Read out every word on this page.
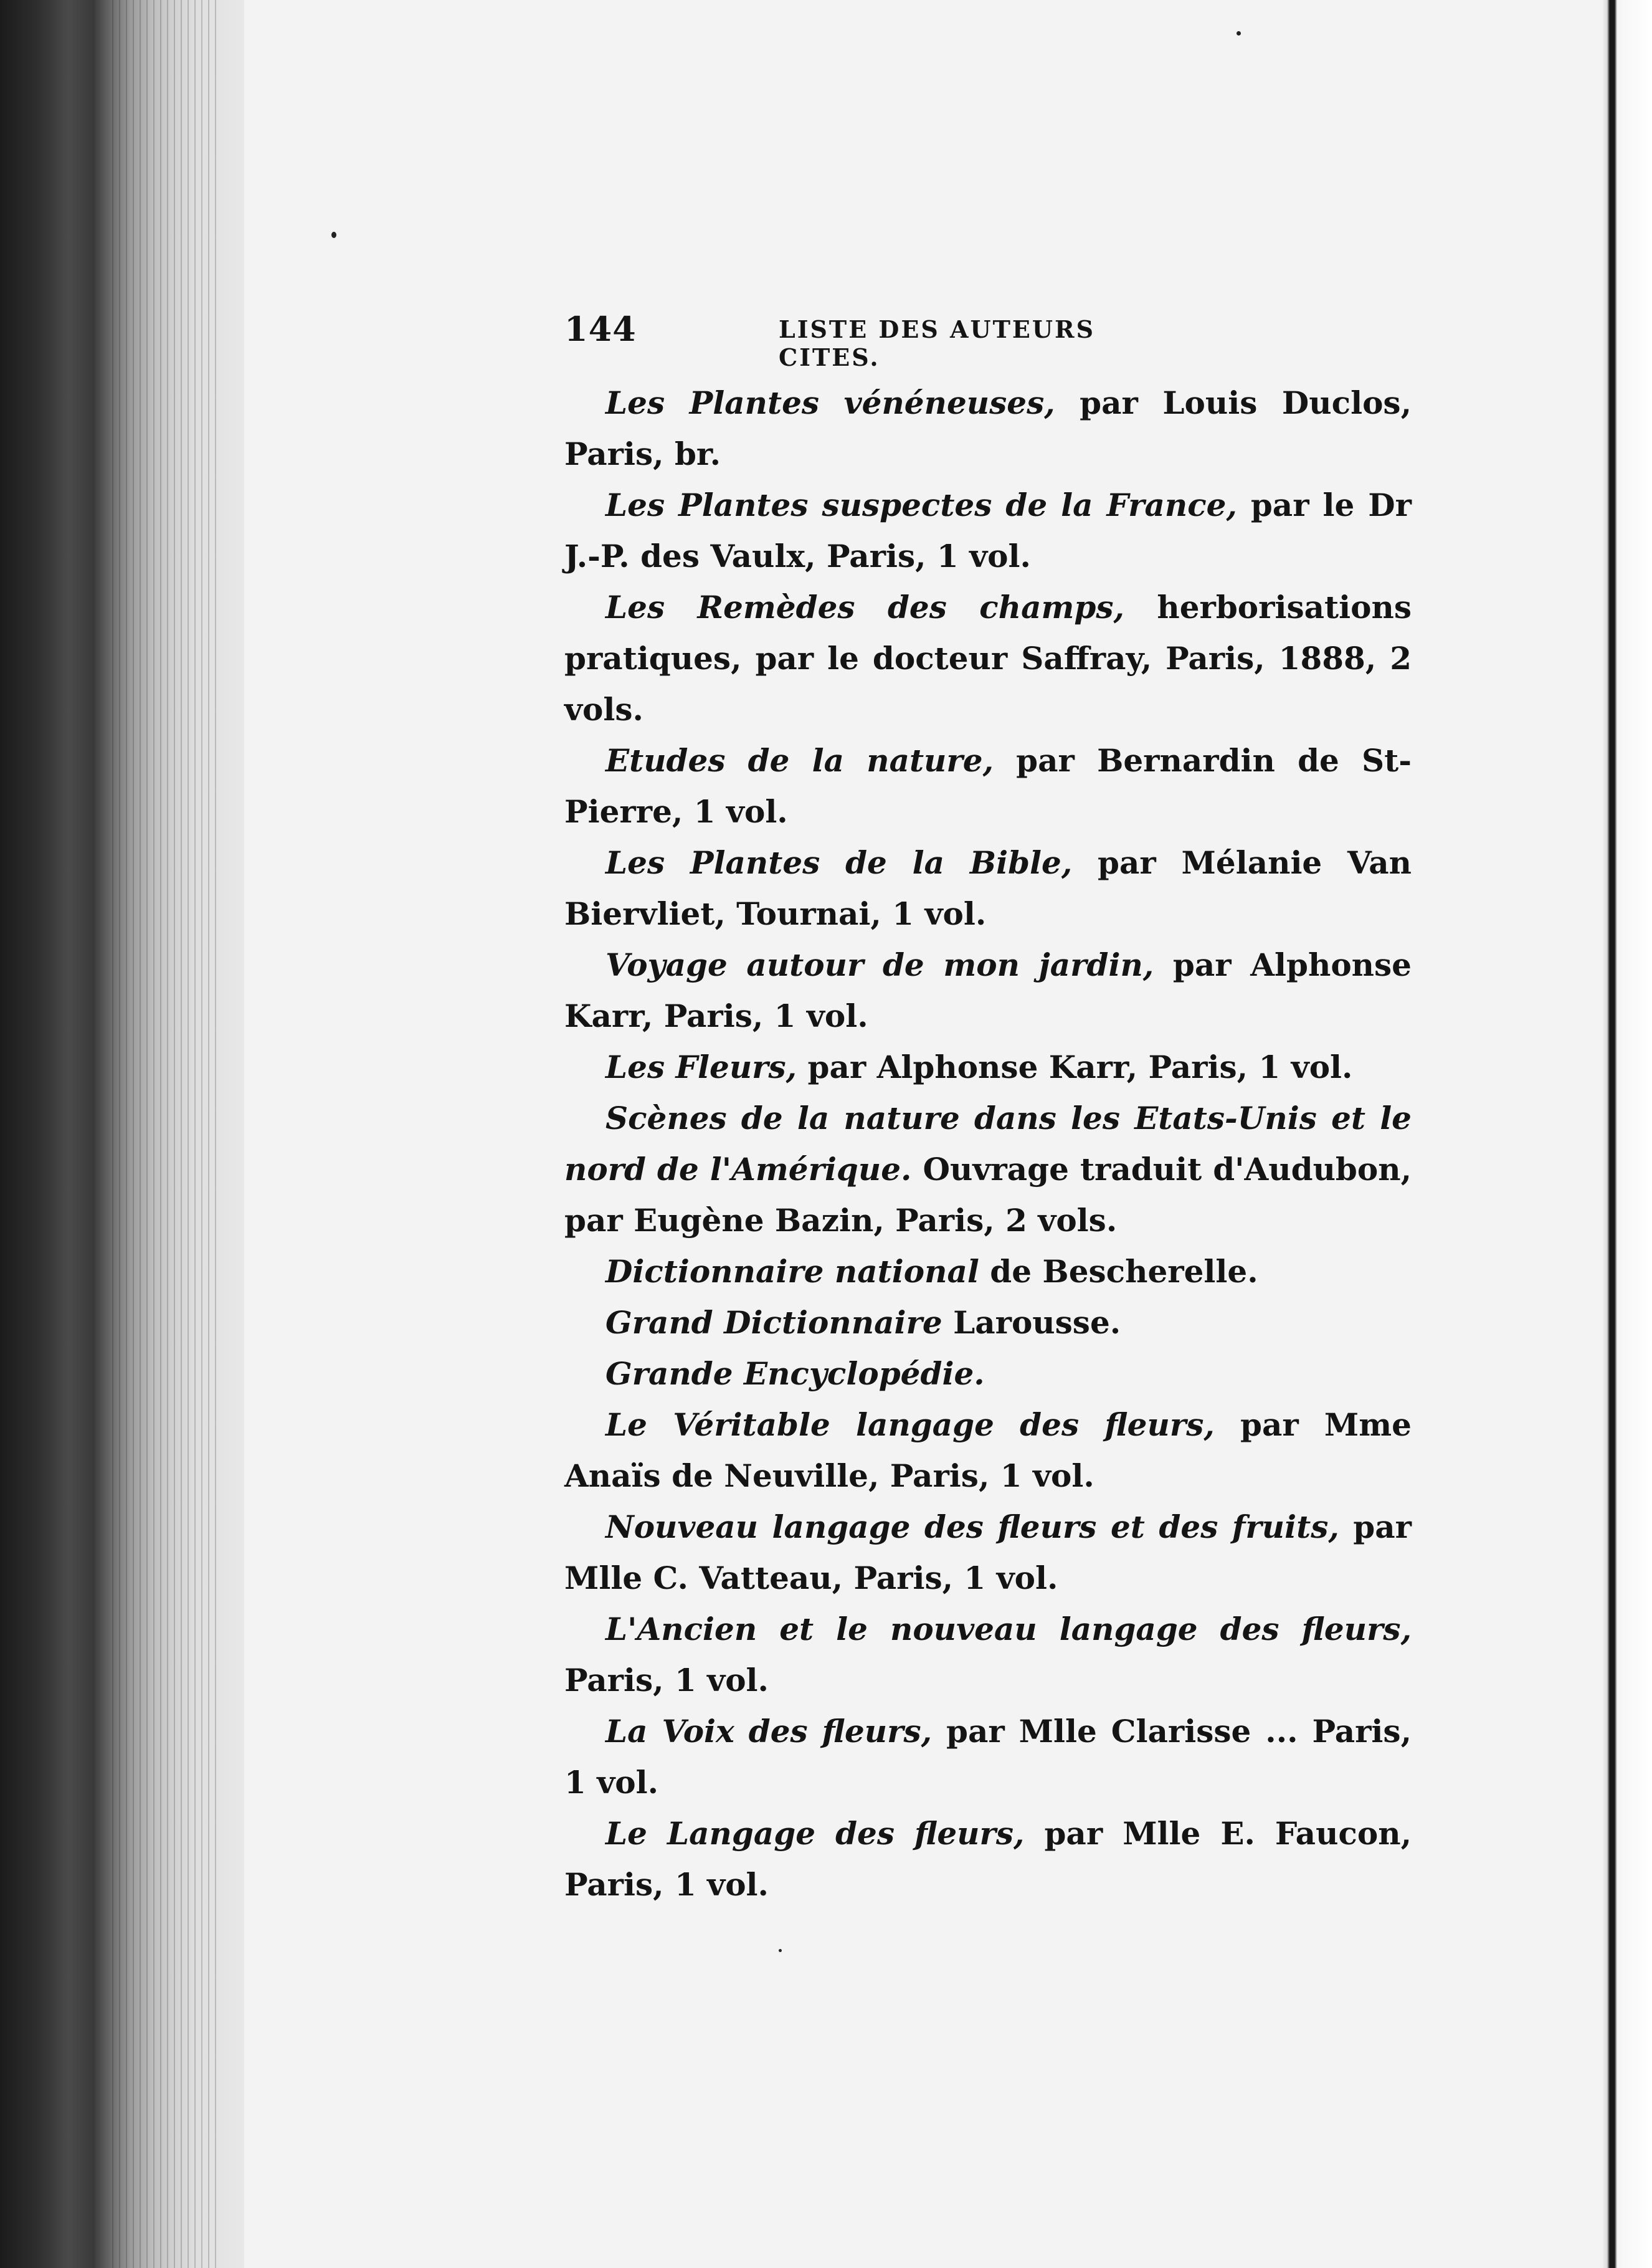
144	LISTE DES AUTEURS CITES.

Les Plantes vénéneuses, par Louis Duclos, Paris, br.

Les Plantes suspectes de la France, par le Dr J.-P. des Vaulx, Paris, 1 vol.

Les Remèdes des champs, herborisations pratiques, par le docteur Saffray, Paris, 1888, 2 vols.

Etudes de la nature, par Bernardin de St-Pierre, 1 vol.

Les Plantes de la Bible, par Mélanie Van Biervliet, Tournai, 1 vol.

Voyage autour de mon jardin, par Alphonse Karr, Paris, 1 vol.

Les Fleurs, par Alphonse Karr, Paris, 1 vol.

Scènes de la nature dans les Etats-Unis et le nord de l'Amérique. Ouvrage traduit d'Audubon, par Eugène Bazin, Paris, 2 vols.

Dictionnaire national de Bescherelle.

Grand Dictionnaire Larousse.

Grande Encyclopédie.

Le Véritable langage des fleurs, par Mme Anaïs de Neuville, Paris, 1 vol.

Nouveau langage des fleurs et des fruits, par Mlle C. Vatteau, Paris, 1 vol.

L'Ancien et le nouveau langage des fleurs, Paris, 1 vol.

La Voix des fleurs, par Mlle Clarisse ... Paris, 1 vol.

Le Langage des fleurs, par Mlle E. Faucon, Paris, 1 vol.
